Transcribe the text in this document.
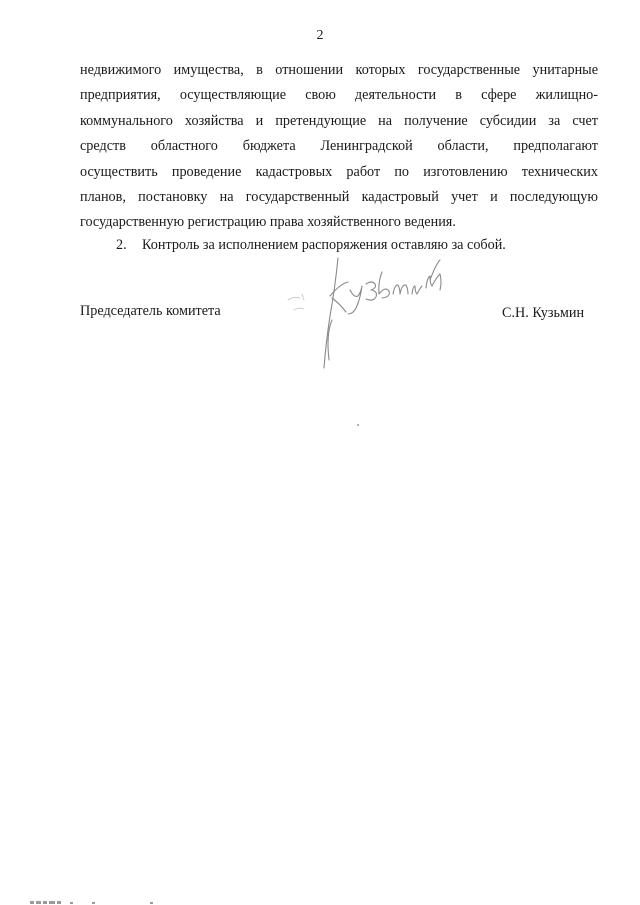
2
недвижимого имущества, в отношении которых государственные унитарные
предприятия, осуществляющие свою деятельности в сфере жилищно-
коммунального хозяйства и претендующие на получение субсидии за счет
средств областного бюджета Ленинградской области, предполагают
осуществить проведение кадастровых работ по изготовлению технических
планов, постановку на государственный кадастровый учет и последующую
государственную регистрацию права хозяйственного ведения.
2. Контроль за исполнением распоряжения оставляю за собой.
Председатель комитета	С.Н. Кузьмин
